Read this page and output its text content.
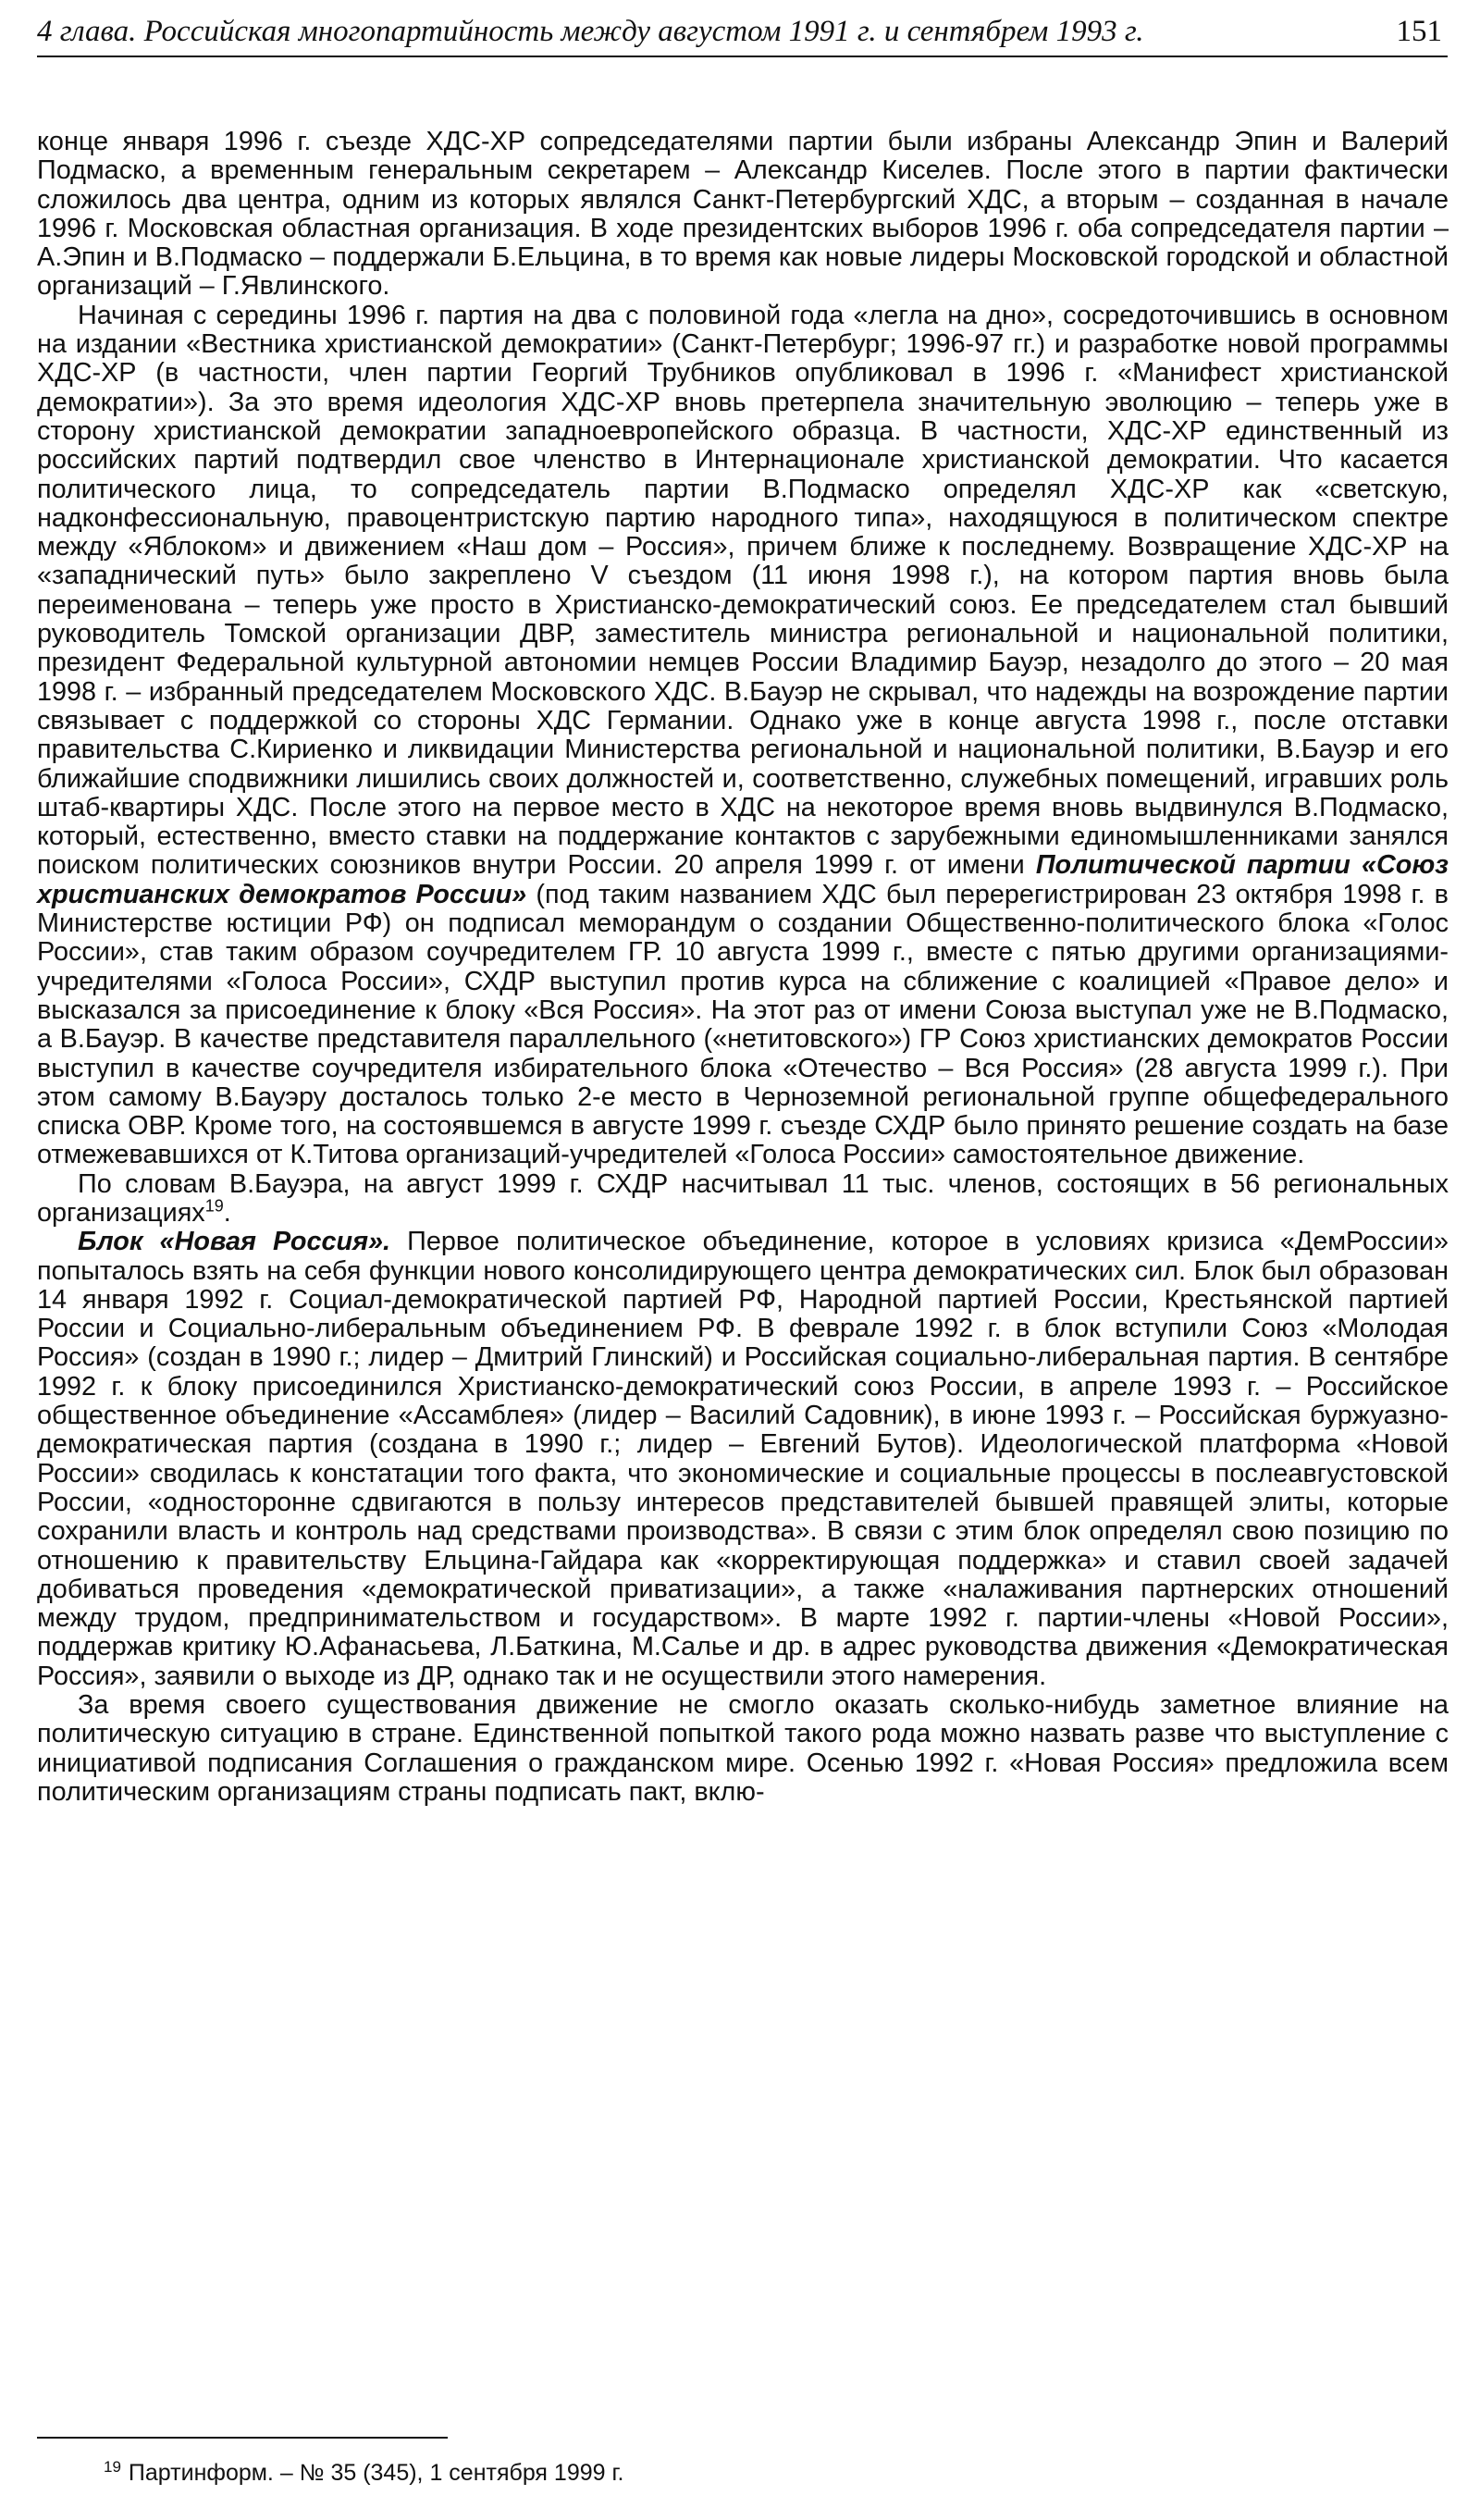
4 глава. Российская многопартийность между августом 1991 г. и сентябрем 1993 г.	151

конце января 1996 г. съезде ХДС-ХР сопредседателями партии были избраны Александр Эпин и Валерий Подмаско, а временным генеральным секретарем – Александр Киселев. После этого в партии фактически сложилось два центра, одним из которых являлся Санкт-Петербургский ХДС, а вторым – созданная в начале 1996 г. Московская областная организация. В ходе президентских выборов 1996 г. оба сопредседателя партии – А.Эпин и В.Подмаско – поддержали Б.Ельцина, в то время как новые лидеры Московской городской и областной организаций – Г.Явлинского.

Начиная с середины 1996 г. партия на два с половиной года «легла на дно», сосредоточившись в основном на издании «Вестника христианской демократии» (Санкт-Петербург; 1996-97 гг.) и разработке новой программы ХДС-ХР (в частности, член партии Георгий Трубников опубликовал в 1996 г. «Манифест христианской демократии»). За это время идеология ХДС-ХР вновь претерпела значительную эволюцию – теперь уже в сторону христианской демократии западноевропейского образца. В частности, ХДС-ХР единственный из российских партий подтвердил свое членство в Интернационале христианской демократии. Что касается политического лица, то сопредседатель партии В.Подмаско определял ХДС-ХР как «светскую, надконфессиональную, правоцентристскую партию народного типа», находящуюся в политическом спектре между «Яблоком» и движением «Наш дом – Россия», причем ближе к последнему. Возвращение ХДС-ХР на «западнический путь» было закреплено V съездом (11 июня 1998 г.), на котором партия вновь была переименована – теперь уже просто в Христианско-демократический союз. Ее председателем стал бывший руководитель Томской организации ДВР, заместитель министра региональной и национальной политики, президент Федеральной культурной автономии немцев России Владимир Бауэр, незадолго до этого – 20 мая 1998 г. – избранный председателем Московского ХДС. В.Бауэр не скрывал, что надежды на возрождение партии связывает с поддержкой со стороны ХДС Германии. Однако уже в конце августа 1998 г., после отставки правительства С.Кириенко и ликвидации Министерства региональной и национальной политики, В.Бауэр и его ближайшие сподвижники лишились своих должностей и, соответственно, служебных помещений, игравших роль штаб-квартиры ХДС. После этого на первое место в ХДС на некоторое время вновь выдвинулся В.Подмаско, который, естественно, вместо ставки на поддержание контактов с зарубежными единомышленниками занялся поиском политических союзников внутри России. 20 апреля 1999 г. от имени Политической партии «Союз христианских демократов России» (под таким названием ХДС был перерегистрирован 23 октября 1998 г. в Министерстве юстиции РФ) он подписал меморандум о создании Общественно-политического блока «Голос России», став таким образом соучредителем ГР. 10 августа 1999 г., вместе с пятью другими организациями-учредителями «Голоса России», СХДР выступил против курса на сближение с коалицией «Правое дело» и высказался за присоединение к блоку «Вся Россия». На этот раз от имени Союза выступал уже не В.Подмаско, а В.Бауэр. В качестве представителя параллельного («нетитовского») ГР Союз христианских демократов России выступил в качестве соучредителя избирательного блока «Отечество – Вся Россия» (28 августа 1999 г.). При этом самому В.Бауэру досталось только 2-е место в Черноземной региональной группе общефедерального списка ОВР. Кроме того, на состоявшемся в августе 1999 г. съезде СХДР было принято решение создать на базе отмежевавшихся от К.Титова организаций-учредителей «Голоса России» самостоятельное движение.

По словам В.Бауэра, на август 1999 г. СХДР насчитывал 11 тыс. членов, состоящих в 56 региональных организациях$^{19}$.

Блок «Новая Россия». Первое политическое объединение, которое в условиях кризиса «ДемРоссии» попыталось взять на себя функции нового консолидирующего центра демократических сил. Блок был образован 14 января 1992 г. Социал-демократической партией РФ, Народной партией России, Крестьянской партией России и Социально-либеральным объединением РФ. В феврале 1992 г. в блок вступили Союз «Молодая Россия» (создан в 1990 г.; лидер – Дмитрий Глинский) и Российская социально-либеральная партия. В сентябре 1992 г. к блоку присоединился Христианско-демократический союз России, в апреле 1993 г. – Российское общественное объединение «Ассамблея» (лидер – Василий Садовник), в июне 1993 г. – Российская буржуазно-демократическая партия (создана в 1990 г.; лидер – Евгений Бутов). Идеологической платформа «Новой России» сводилась к констатации того факта, что экономические и социальные процессы в послеавгустовской России, «односторонне сдвигаются в пользу интересов представителей бывшей правящей элиты, которые сохранили власть и контроль над средствами производства». В связи с этим блок определял свою позицию по отношению к правительству Ельцина-Гайдара как «корректирующая поддержка» и ставил своей задачей добиваться проведения «демократической приватизации», а также «налаживания партнерских отношений между трудом, предпринимательством и государством». В марте 1992 г. партии-члены «Новой России», поддержав критику Ю.Афанасьева, Л.Баткина, М.Салье и др. в адрес руководства движения «Демократическая Россия», заявили о выходе из ДР, однако так и не осуществили этого намерения.

За время своего существования движение не смогло оказать сколько-нибудь заметное влияние на политическую ситуацию в стране. Единственной попыткой такого рода можно назвать разве что выступление с инициативой подписания Соглашения о гражданском мире. Осенью 1992 г. «Новая Россия» предложила всем политическим организациям страны подписать пакт, вклю-

$^{19}$ Партинформ. – № 35 (345), 1 сентября 1999 г.
